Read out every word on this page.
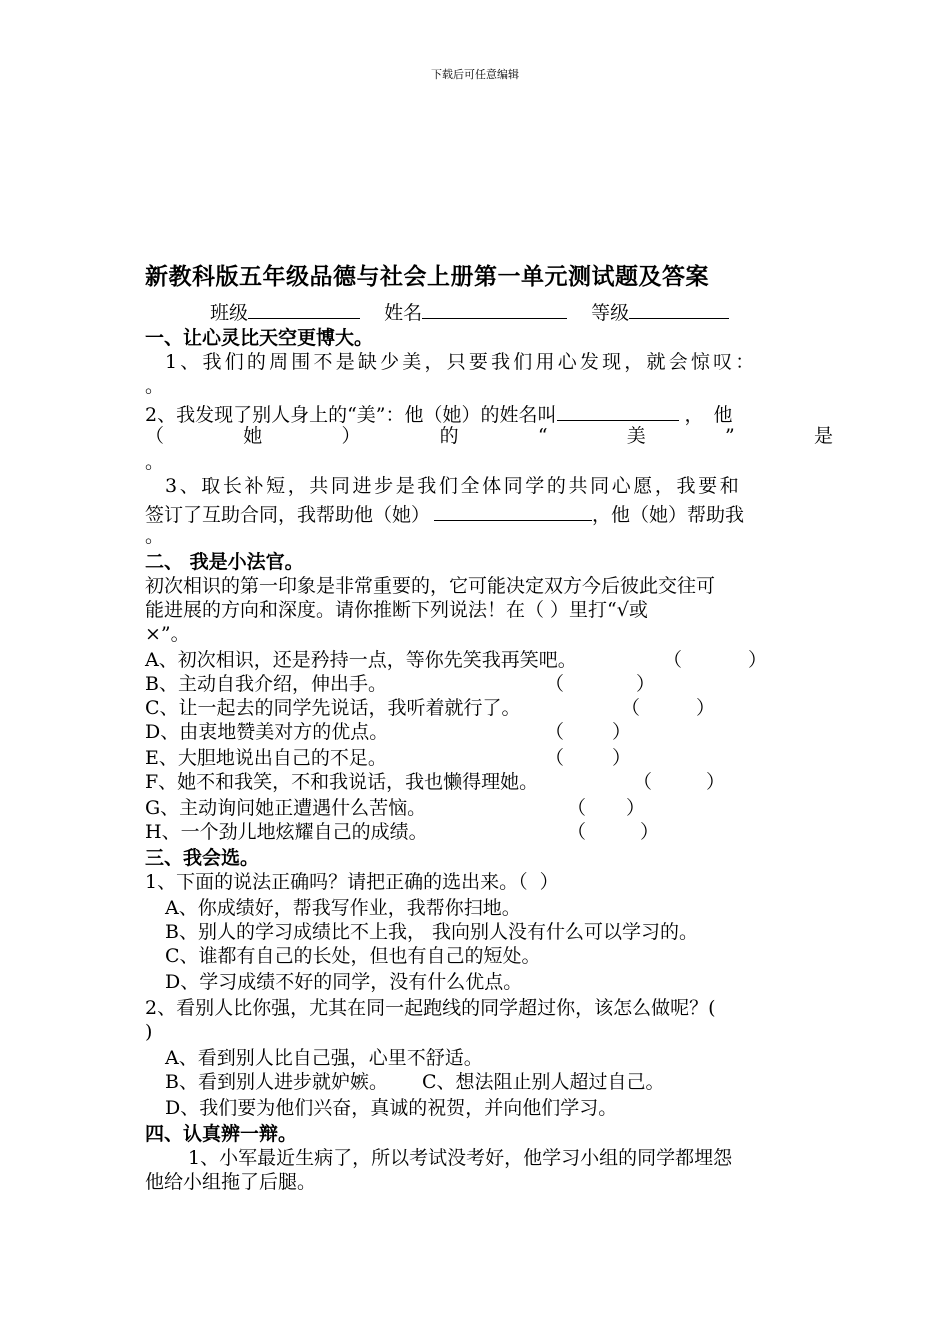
下载后可任意编辑
新教科版五年级品德与社会上册第一单元测试题及答案
班级	姓名	等级
一、让心灵比天空更博大。
1、我们的周围不是缺少美，只要我们用心发现，就会惊叹：
。
2、我发现了别人身上的“美”：他（她）的姓名叫	，他
（	她	）	的	“	美	”	是
。
3、取长补短，共同进步是我们全体同学的共同心愿，我要和
签订了互助合同，我帮助他（她）	，他（她）帮助我
。
二、 我是小法官。
初次相识的第一印象是非常重要的，它可能决定双方今后彼此交往可
能进展的方向和深度。请你推断下列说法！在（ ）里打“√或
×”。
A、初次相识，还是矜持一点，等你先笑我再笑吧。	（ ）
B、主动自我介绍，伸出手。	（ ）
C、让一起去的同学先说话，我听着就行了。	（ ）
D、由衷地赞美对方的优点。	（ ）
E、大胆地说出自己的不足。	（ ）
F、她不和我笑，不和我说话，我也懒得理她。	（ ）
G、主动询问她正遭遇什么苦恼。	（ ）
H、一个劲儿地炫耀自己的成绩。	（ ）
三、我会选。
1、下面的说法正确吗？请把正确的选出来。（ ）
A、你成绩好，帮我写作业，我帮你扫地。
B、别人的学习成绩比不上我， 我向别人没有什么可以学习的。
C、谁都有自己的长处，但也有自己的短处。
D、学习成绩不好的同学，没有什么优点。
2、看别人比你强，尤其在同一起跑线的同学超过你，该怎么做呢？(
)
A、看到别人比自己强，心里不舒适。
B、看到别人进步就妒嫉。 C、想法阻止别人超过自己。
D、我们要为他们兴奋，真诚的祝贺，并向他们学习。
四、认真辨一辩。
1、小军最近生病了，所以考试没考好，他学习小组的同学都埋怨
他给小组拖了后腿。
